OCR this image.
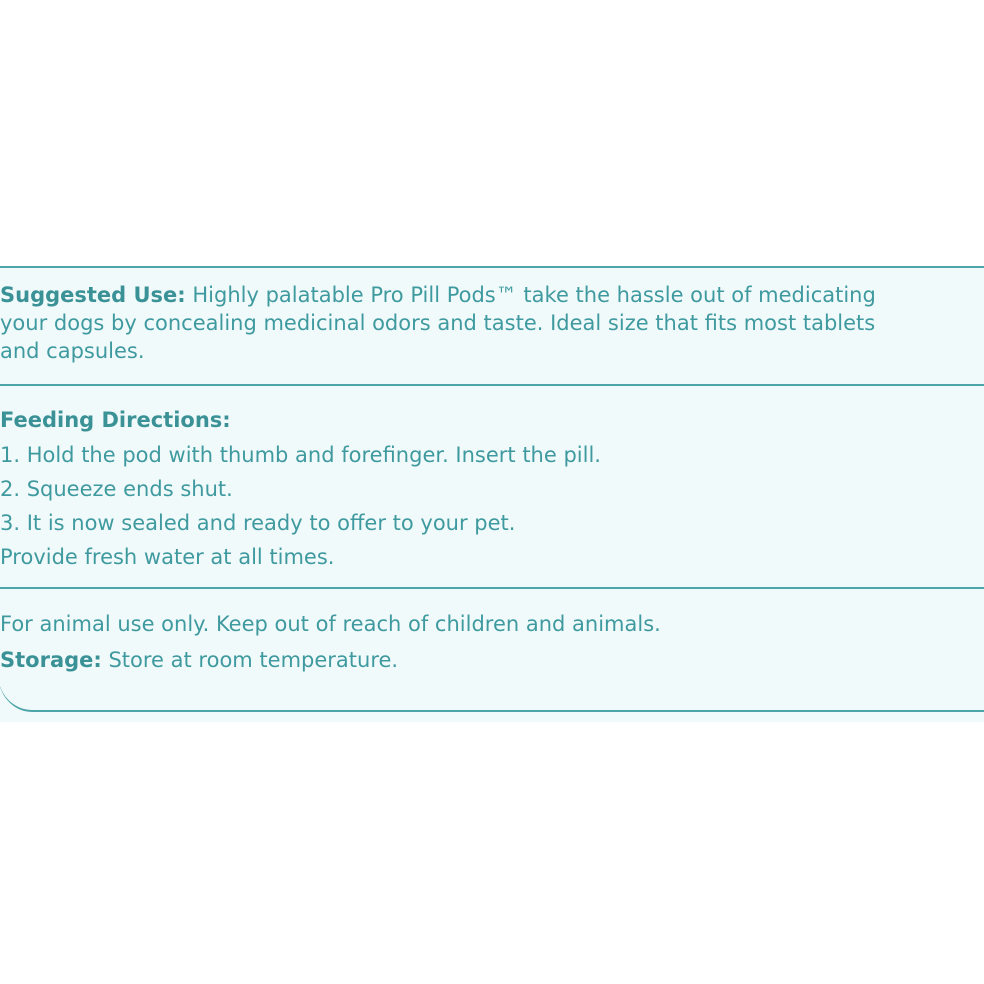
Suggested Use: Highly palatable Pro Pill Pods™ take the hassle out of medicating
your dogs by concealing medicinal odors and taste. Ideal size that fits most tablets
and capsules.
Feeding Directions:
1. Hold the pod with thumb and forefinger. Insert the pill.
2. Squeeze ends shut.
3. It is now sealed and ready to offer to your pet.
Provide fresh water at all times.
For animal use only. Keep out of reach of children and animals.
Storage: Store at room temperature.
